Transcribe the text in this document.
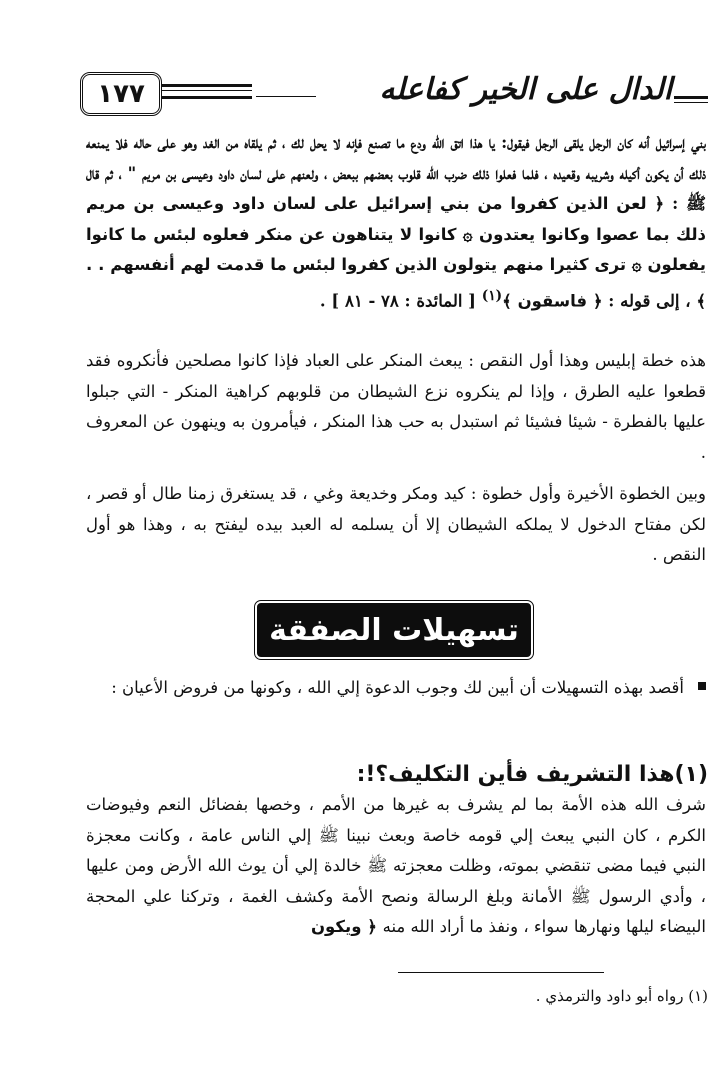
١٧٧	الدال على الخير كفاعله
بني إسرائيل أنه كان الرجل يلقى الرجل فيقول: يا هذا اتق الله ودع ما تصنع فإنه لا يحل لك ، ثم يلقاه من الغد وهو على حاله فلا يمنعه ذلك أن يكون أكيله وشريبه وقعيده ، فلما فعلوا ذلك ضرب الله قلوب بعضهم ببعض ، ولعنهم على لسان داود وعيسى بن مريم " ، ثم قال ﷺ : ﴿ لعن الذين كفروا من بني إسرائيل على لسان داود وعيسى بن مريم ذلك بما عصوا وكانوا يعتدون ۞ كانوا لا يتناهون عن منكر فعلوه لبئس ما كانوا يفعلون ۞ ترى كثيرا منهم يتولون الذين كفروا لبئس ما قدمت لهم أنفسهم . . ﴾ ، إلى قوله : ﴿ فاسقون ﴾$^{(١)}$ [ المائدة : ٧٨ - ٨١ ] .
هذه خطة إبليس وهذا أول النقص : يبعث المنكر على العباد فإذا كانوا مصلحين فأنكروه فقد قطعوا عليه الطرق ، وإذا لم ينكروه نزع الشيطان من قلوبهم كراهية المنكر - التي جبلوا عليها بالفطرة - شيئا فشيئا ثم استبدل به حب هذا المنكر ، فيأمرون به وينهون عن المعروف .
وبين الخطوة الأخيرة وأول خطوة : كيد ومكر وخديعة وغي ، قد يستغرق زمنا طال أو قصر ، لكن مفتاح الدخول لا يملكه الشيطان إلا أن يسلمه له العبد بيده ليفتح به ، وهذا هو أول النقص .
تسهيلات الصفقة
أقصد بهذه التسهيلات أن أبين لك وجوب الدعوة إلي الله ، وكونها من فروض الأعيان :
(١)هذا التشريف فأين التكليف؟!:
شرف الله هذه الأمة بما لم يشرف به غيرها من الأمم ، وخصها بفضائل النعم وفيوضات الكرم ، كان النبي يبعث إلي قومه خاصة وبعث نبينا ﷺ إلي الناس عامة ، وكانت معجزة النبي فيما مضى تنقضي بموته، وظلت معجزته ﷺ خالدة إلي أن يوث الله الأرض ومن عليها ، وأدي الرسول ﷺ الأمانة وبلغ الرسالة ونصح الأمة وكشف الغمة ، وتركنا علي المحجة البيضاء ليلها ونهارها سواء ، ونفذ ما أراد الله منه ﴿ ويكون
(١) رواه أبو داود والترمذي .
